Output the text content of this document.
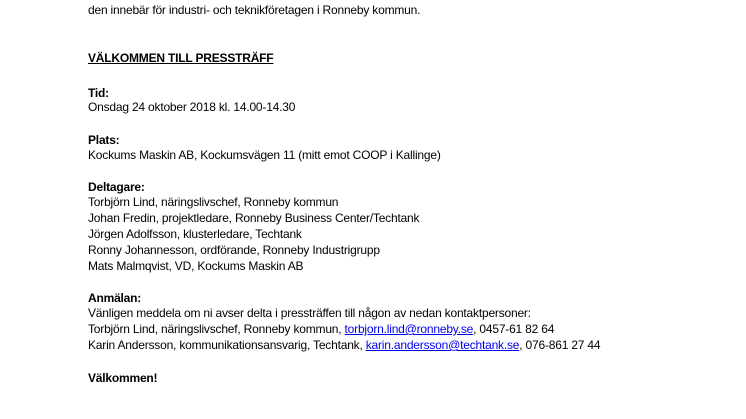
den innebär för industri- och teknikföretagen i Ronneby kommun.
VÄLKOMMEN TILL PRESSTRÄFF
Tid:
Onsdag 24 oktober 2018 kl. 14.00-14.30
Plats:
Kockums Maskin AB, Kockumsvägen 11 (mitt emot COOP i Kallinge)
Deltagare:
Torbjörn Lind, näringslivschef, Ronneby kommun
Johan Fredin, projektledare, Ronneby Business Center/Techtank
Jörgen Adolfsson, klusterledare, Techtank
Ronny Johannesson, ordförande, Ronneby Industrigrupp
Mats Malmqvist, VD, Kockums Maskin AB
Anmälan:
Vänligen meddela om ni avser delta i pressträffen till någon av nedan kontaktpersoner:
Torbjörn Lind, näringslivschef, Ronneby kommun, torbjorn.lind@ronneby.se, 0457-61 82 64
Karin Andersson, kommunikationsansvarig, Techtank, karin.andersson@techtank.se, 076-861 27 44
Välkommen!
